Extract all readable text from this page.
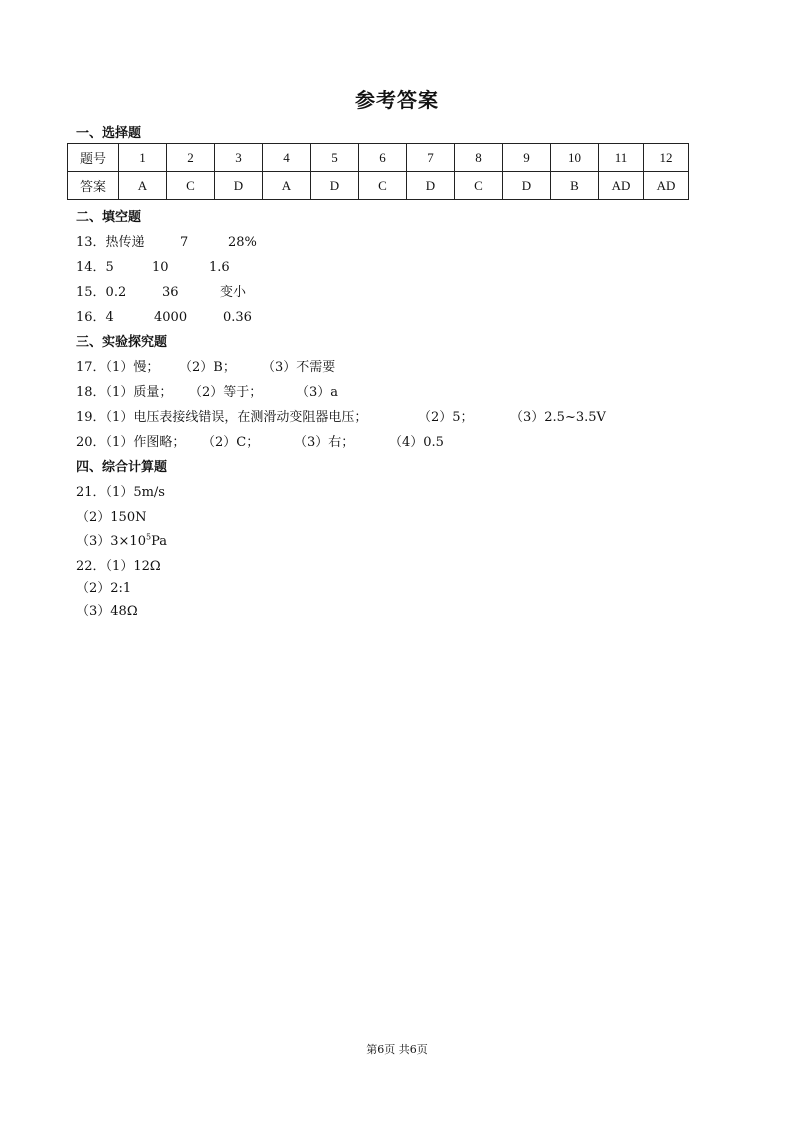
参考答案
一、选择题
题号	1	2	3	4	5	6	7	8	9	10	11	12
答案	A	C	D	A	D	C	D	C	D	B	AD	AD
二、填空题
13．热传递	7	28%
14．5	10	1.6
15．0.2	36	变小
16．4	4000	0.36
三、实验探究题
17．（1）慢； （2）B； （3）不需要
18．（1）质量； （2）等于；	（3）a
19．（1）电压表接线错误，在测滑动变阻器电压；	（2）5；	（3）2.5~3.5V
20．（1）作图略； （2）C；	（3）右；	（4）0.5
四、综合计算题
21．（1）5m/s
（2）150N
$(3)3\times 10^5Pa$
22．（1）12Ω
（2）2:1
（3）48Ω
第6页 共6页
